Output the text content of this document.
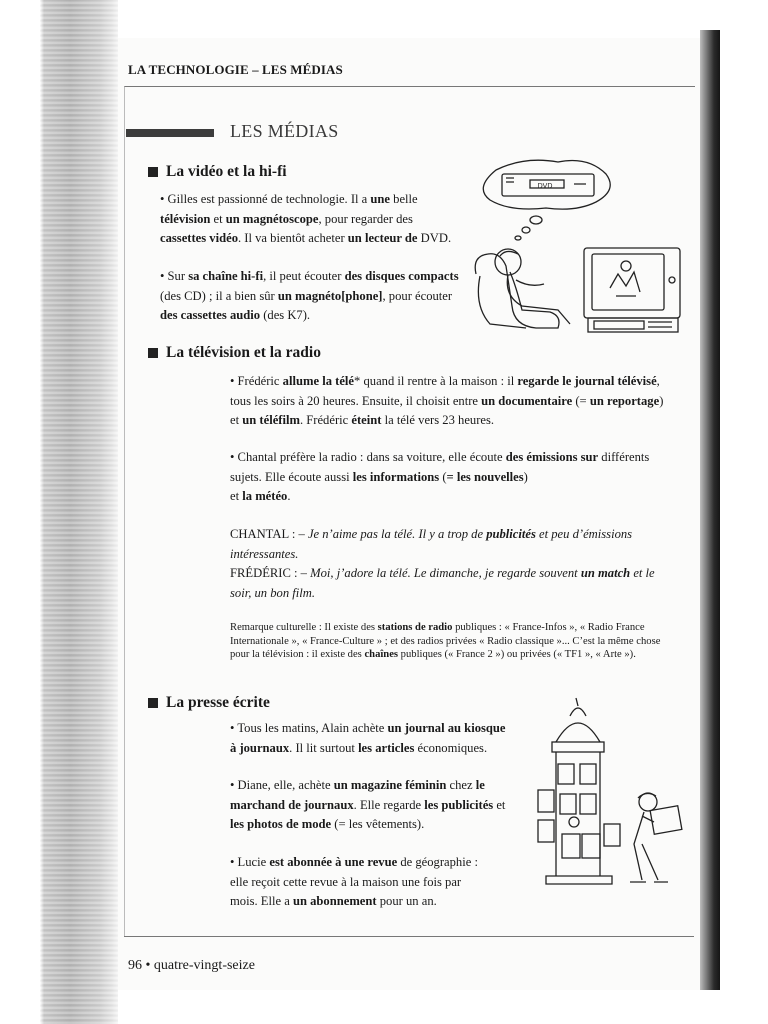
LA TECHNOLOGIE – LES MÉDIAS
LES MÉDIAS
La vidéo et la hi-fi
• Gilles est passionné de technologie. Il a une belle télévision et un magnétoscope, pour regarder des cassettes vidéo. Il va bientôt acheter un lecteur de DVD.
• Sur sa chaîne hi-fi, il peut écouter des disques compacts (des CD) ; il a bien sûr un magnéto[phone], pour écouter des cassettes audio (des K7).
DVD
La télévision et la radio
• Frédéric allume la télé* quand il rentre à la maison : il regarde le journal télévisé, tous les soirs à 20 heures. Ensuite, il choisit entre un documentaire (= un reportage) et un téléfilm. Frédéric éteint la télé vers 23 heures.
• Chantal préfère la radio : dans sa voiture, elle écoute des émissions sur différents sujets. Elle écoute aussi les informations (= les nouvelles)
et la météo.
CHANTAL : – Je n’aime pas la télé. Il y a trop de publicités et peu d’émissions intéressantes.
FRÉDÉRIC : – Moi, j’adore la télé. Le dimanche, je regarde souvent un match et le soir, un bon film.
Remarque culturelle : Il existe des stations de radio publiques : « France-Infos », « Radio France Internationale », « France-Culture » ; et des radios privées « Radio classique »... C’est la même chose pour la télévision : il existe des chaînes publiques (« France 2 ») ou privées (« TF1 », « Arte »).
La presse écrite
• Tous les matins, Alain achète un journal au kiosque
à journaux. Il lit surtout les articles économiques.
• Diane, elle, achète un magazine féminin chez le marchand de journaux. Elle regarde les publicités et les photos de mode (= les vêtements).
• Lucie est abonnée à une revue de géographie :
elle reçoit cette revue à la maison une fois par
mois. Elle a un abonnement pour un an.
96 • quatre-vingt-seize
